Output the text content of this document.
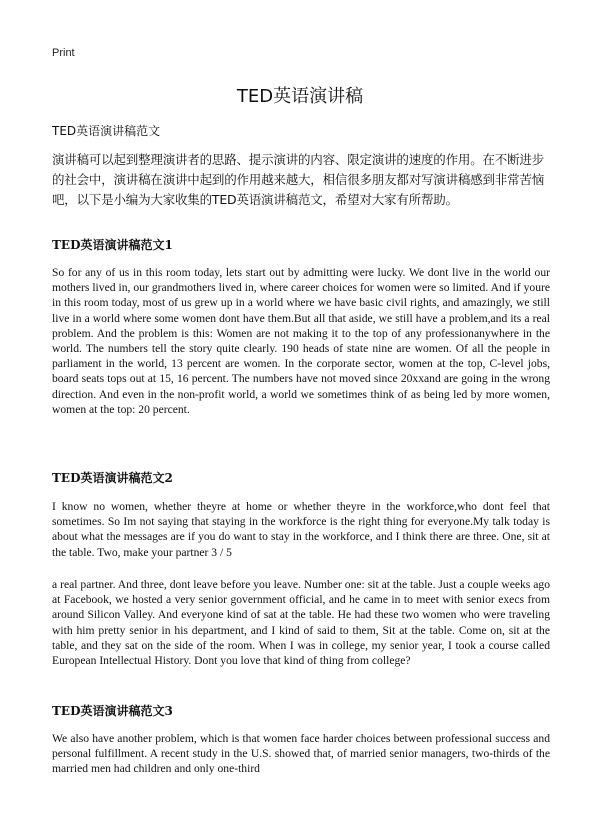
Print
TED英语演讲稿
TED英语演讲稿范文
演讲稿可以起到整理演讲者的思路、提示演讲的内容、限定演讲的速度的作用。在不断进步的社会中，演讲稿在演讲中起到的作用越来越大，相信很多朋友都对写演讲稿感到非常苦恼吧，以下是小编为大家收集的TED英语演讲稿范文，希望对大家有所帮助。
TED英语演讲稿范文1
So for any of us in this room today, lets start out by admitting were lucky. We dont live in the world our mothers lived in, our grandmothers lived in, where career choices for women were so limited. And if youre in this room today, most of us grew up in a world where we have basic civil rights, and amazingly, we still live in a world where some women dont have them.But all that aside, we still have a problem,and its a real problem. And the problem is this: Women are not making it to the top of any professionanywhere in the world. The numbers tell the story quite clearly. 190 heads of state nine are women. Of all the people in parliament in the world, 13 percent are women. In the corporate sector, women at the top, C-level jobs, board seats tops out at 15, 16 percent. The numbers have not moved since 20xxand are going in the wrong direction. And even in the non-profit world, a world we sometimes think of as being led by more women, women at the top: 20 percent.
TED英语演讲稿范文2
I know no women, whether theyre at home or whether theyre in the workforce,who dont feel that sometimes. So Im not saying that staying in the workforce is the right thing for everyone.My talk today is about what the messages are if you do want to stay in the workforce, and I think there are three. One, sit at the table. Two, make your partner 3 / 5
a real partner. And three, dont leave before you leave. Number one: sit at the table. Just a couple weeks ago at Facebook, we hosted a very senior government official, and he came in to meet with senior execs from around Silicon Valley. And everyone kind of sat at the table. He had these two women who were traveling with him pretty senior in his department, and I kind of said to them, Sit at the table. Come on, sit at the table, and they sat on the side of the room. When I was in college, my senior year, I took a course called European Intellectual History. Dont you love that kind of thing from college?
TED英语演讲稿范文3
We also have another problem, which is that women face harder choices between professional success and personal fulfillment. A recent study in the U.S. showed that, of married senior managers, two-thirds of the married men had children and only one-third
